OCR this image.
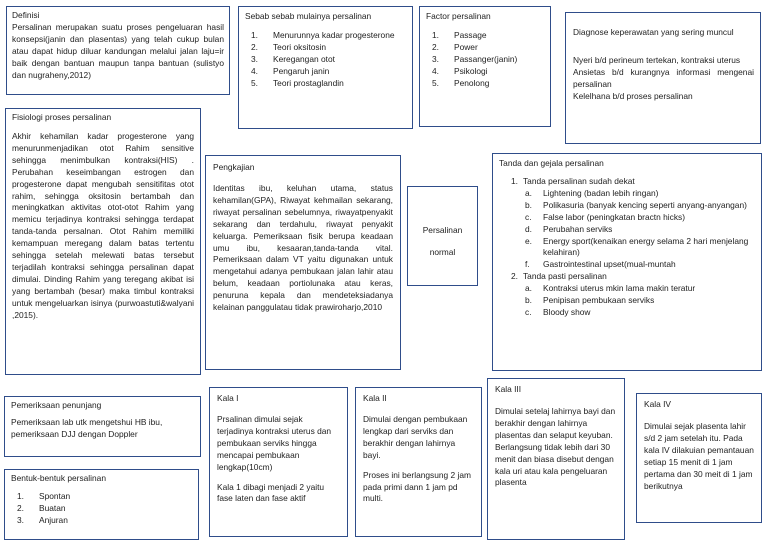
Definisi

Persalinan merupakan suatu proses pengeluaran hasil konsepsi(janin dan plasentas) yang telah cukup bulan atau dapat hidup diluar kandungan melalui jalan laju=ir baik dengan bantuan maupun tanpa bantuan (sulistyo dan nugraheny,2012)

Sebab sebab mulainya persalinan
1. Menurunnya kadar progesterone
2. Teori oksitosin
3. Keregangan otot
4. Pengaruh janin
5. Teori prostaglandin
Factor persalinan
1. Passage
2. Power
3. Passanger(janin)
4. Psikologi
5. Penolong
Diagnose keperawatan yang sering muncul

Nyeri b/d perineum tertekan, kontraksi uterus

Ansietas b/d kurangnya informasi mengenai persalinan

Kelelhana b/d proses persalinan

Fisiologi proses persalinan

Akhir kehamilan kadar progesterone yang menurunmenjadikan otot Rahim sensitive sehingga menimbulkan kontraksi(HIS) . Perubahan keseimbangan estrogen dan progesterone dapat mengubah sensitifitas otot rahim, sehingga oksitosin bertambah dan meningkatkan aktivitas otot-otot Rahim yang memicu terjadinya kontraksi sehingga terdapat tanda-tanda persalnan. Otot Rahim memiliki kemampuan meregang dalam batas tertentu sehingga setelah melewati batas tersebut terjadilah kontraksi sehingga persalinan dapat dimulai. Dinding Rahim yang teregang akibat isi yang bertambah (besar) maka timbul kontraksi untuk mengeluarkan isinya (purwoastuti&walyani ,2015).

Pengkajian

Identitas ibu, keluhan utama, status kehamilan(GPA), Riwayat kehmailan sekarang, riwayat persalinan sebelumnya, riwayatpenyakit sekarang dan terdahulu, riwayat penyakit keluarga. Pemeriksaan fisik berupa keadaan umu ibu, kesaaran,tanda-tanda vital. Pemeriksaan dalam VT yaitu digunakan untuk mengetahui adanya pembukaan jalan lahir atau belum, keadaan portiolunaka atau keras, penuruna kepala dan mendeteksiadanya kelainan panggulatau tidak prawiroharjo,2010

Persalinan

normal

Tanda dan gejala persalinan
1. Tanda persalinan sudah dekat
a. Lightening (badan lebih ringan)
b. Polikasuria (banyak kencing seperti anyang-anyangan)
c. False labor (peningkatan bractn hicks)
d. Perubahan serviks
e. Energy sport(kenaikan energy selama 2 hari menjelang kelahiran)
f. Gastrointestinal upset(mual-muntah
2. Tanda pasti persalinan
a. Kontraksi uterus mkin lama makin teratur
b. Penipisan pembukaan serviks
c. Bloody show
Pemeriksaan penunjang

Pemeriksaan lab utk mengetshui HB ibu, pemeriksaan DJJ dengan Doppler

Bentuk-bentuk persalinan
1. Spontan
2. Buatan
3. Anjuran
Kala I

Prsalinan dimulai sejak terjadinya kontraksi uterus dan pembukaan serviks hingga mencapai pembukaan lengkap(10cm)

Kala 1 dibagi menjadi 2 yaitu fase laten dan fase aktif

Kala II

Dimulai dengan pembukaan lengkap dari serviks dan berakhir dengan lahirnya bayi.

Proses ini berlangsung 2 jam pada primi dann 1 jam pd multi.

Kala III

Dimulai setelaj lahirnya bayi dan berakhir dengan lahirnya plasentas dan selaput keyuban. Berlangsung tidak lebih dari 30 menit dan biasa disebut dengan kala uri atau kala pengeluaran plasenta

Kala IV

Dimulai sejak plasenta lahir s/d 2 jam setelah itu. Pada kala IV dilakuian pemantauan setiap 15 menit di 1 jam pertama dan 30 meit di 1 jam berikutnya
